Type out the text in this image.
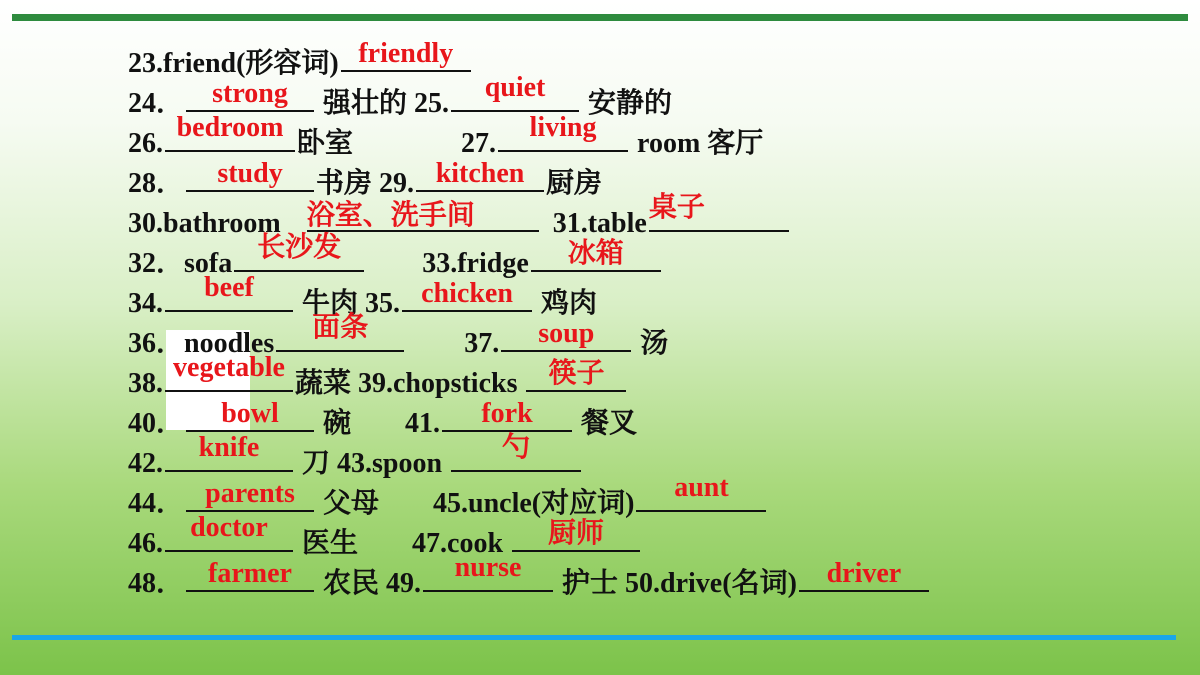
23.friend(形容词) friendly
24．	strong	强壮的 25.
quiet
安静的
26.
bedroom
卧室	27.
living
room 客厅
28．	study	书房 29. kitchen 厨房
30.bathroom 浴室、洗手间	31.table
桌子
32．sofa
长沙发
33.fridge	冰箱
34.
beef
牛肉 35. chicken	鸡肉
36．noodles
面条
37.	soup	汤
38.
vegetable
蔬菜 39.chopsticks	筷子
40．	bowl	碗 41.	fork	餐叉
42.
knife
刀 43.spoon
勺
44． parents	父母 45.uncle(对应词)
aunt
46.
doctor
医生 47.cook	厨师
48． farmer	农民 49.
nurse
护士 50.drive(名词)	driver
